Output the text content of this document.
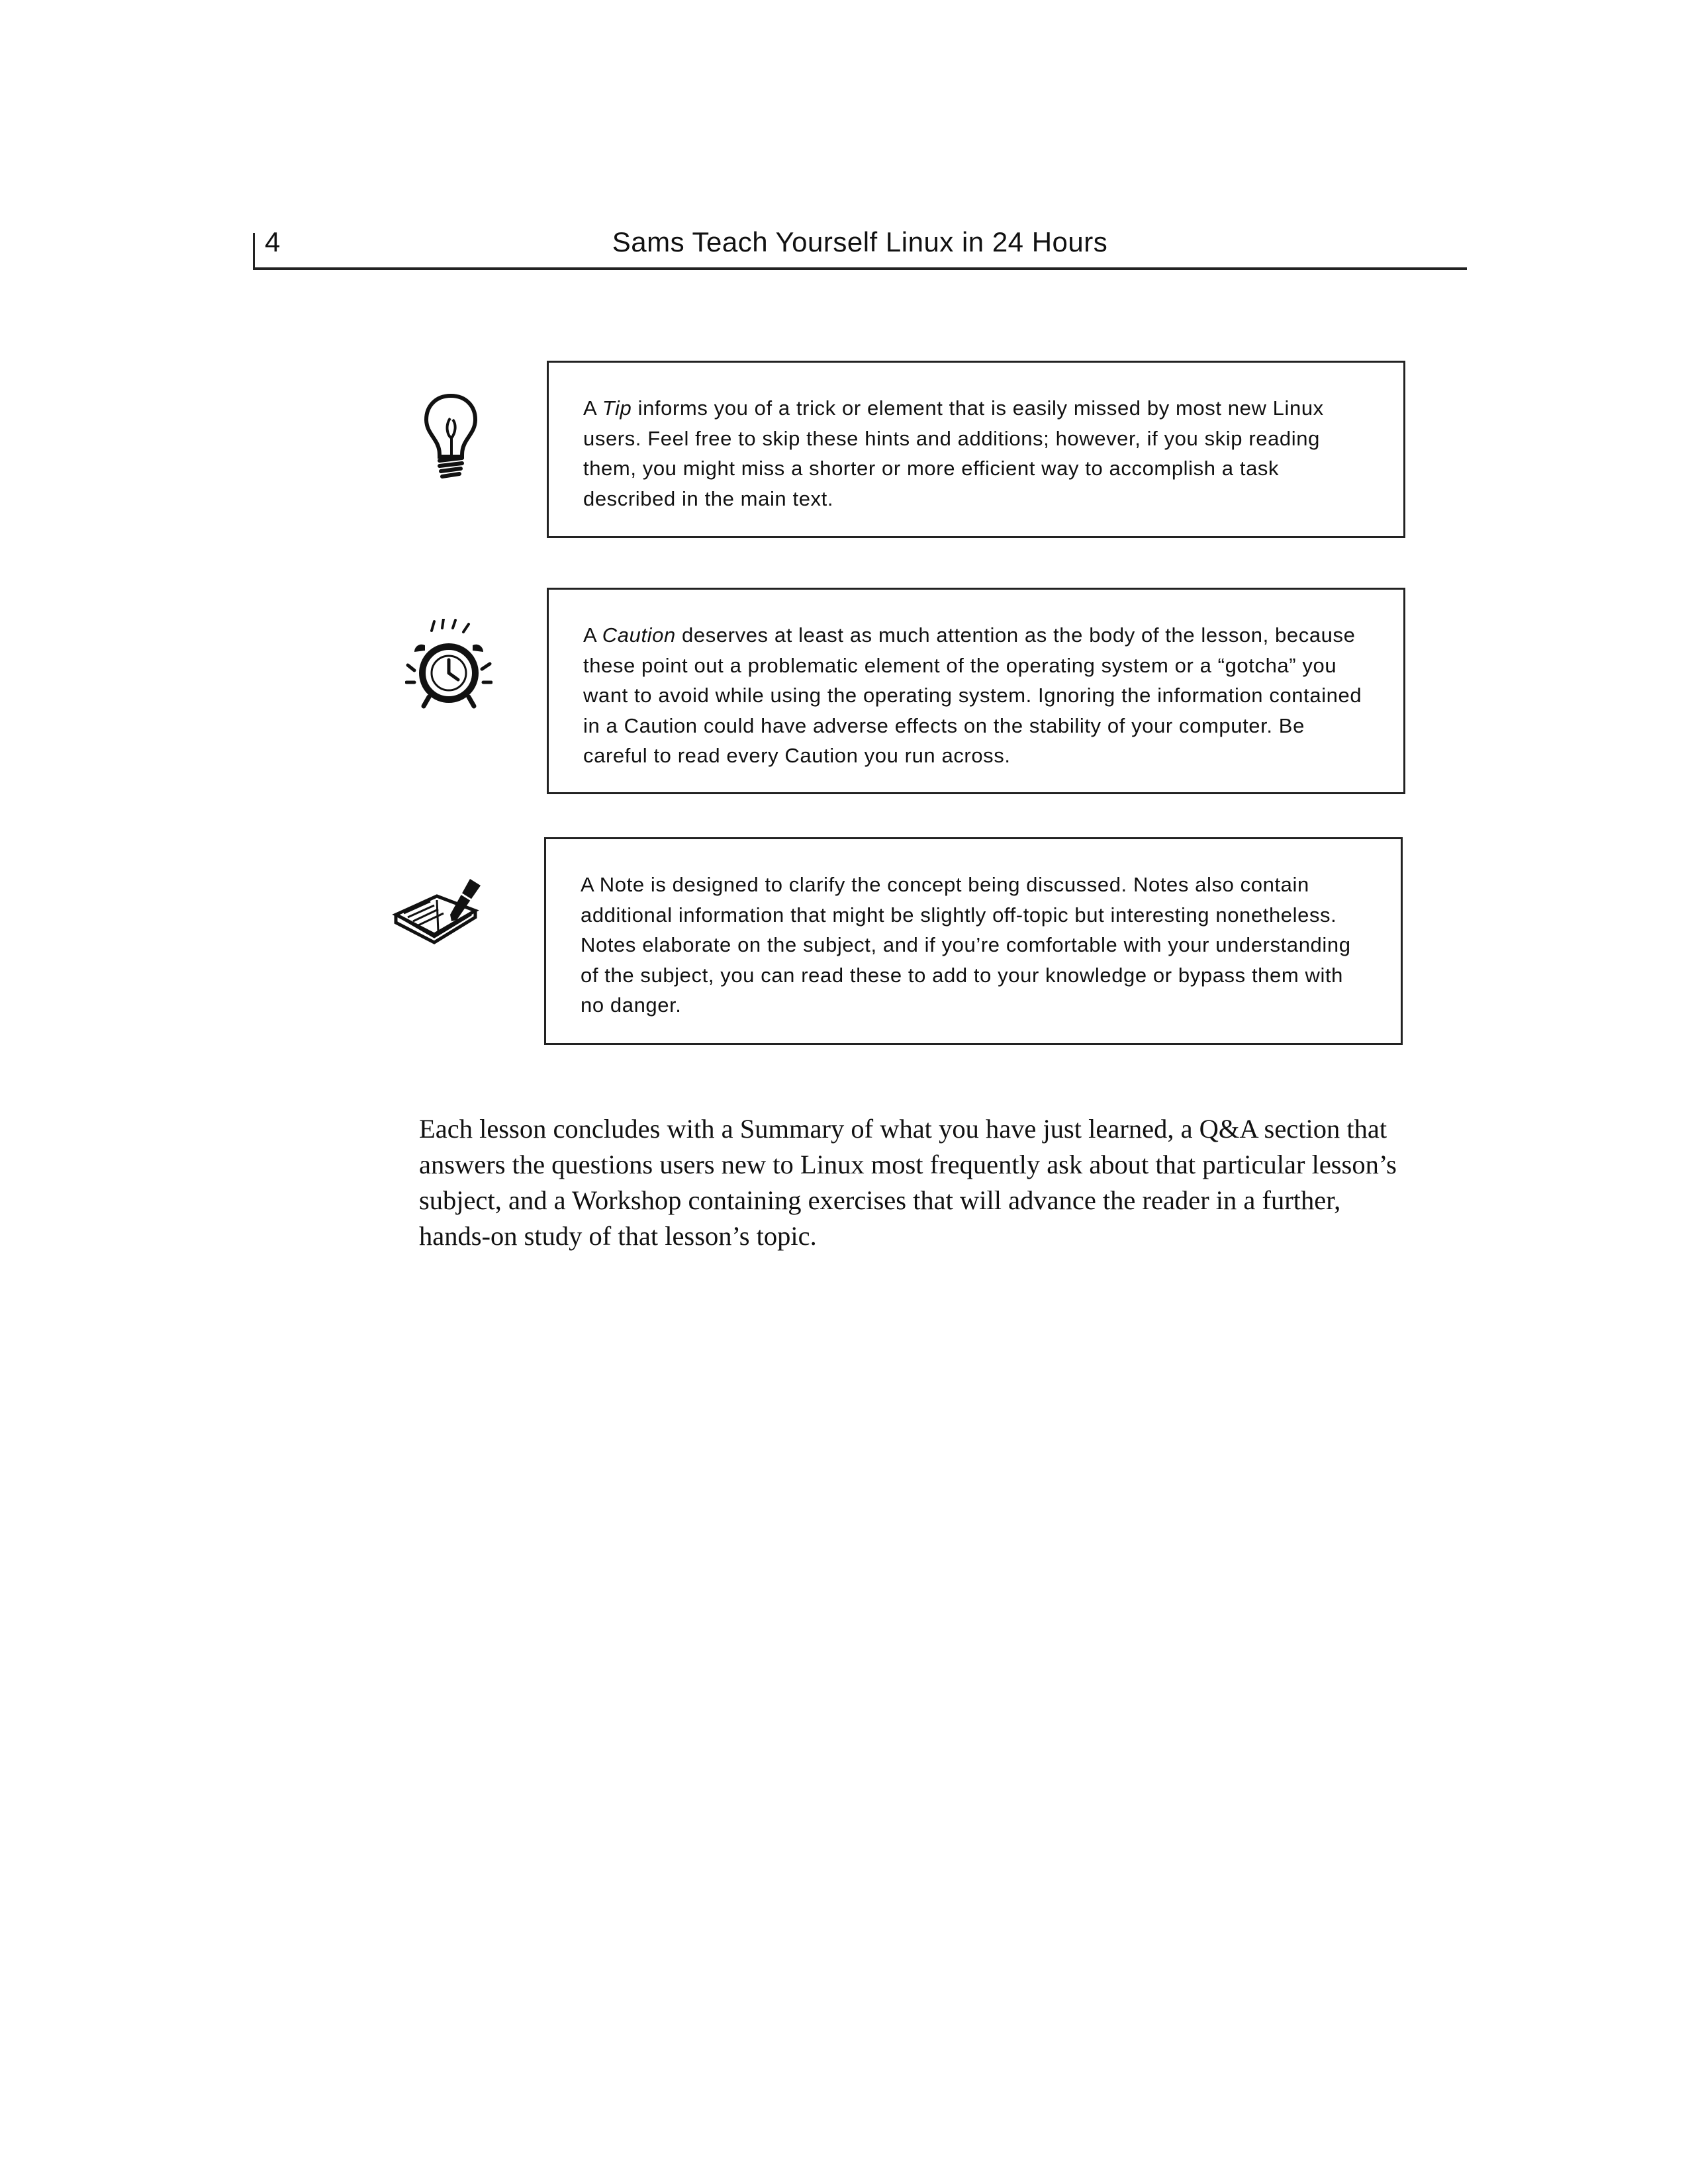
4	Sams Teach Yourself Linux in 24 Hours
A Tip informs you of a trick or element that is easily missed by most new Linux users. Feel free to skip these hints and additions; however, if you skip reading them, you might miss a shorter or more efficient way to accomplish a task described in the main text.
A Caution deserves at least as much attention as the body of the lesson, because these point out a problematic element of the operating system or a “gotcha” you want to avoid while using the operating system. Ignoring the information contained in a Caution could have adverse effects on the stability of your computer. Be careful to read every Caution you run across.
A Note is designed to clarify the concept being discussed. Notes also contain additional information that might be slightly off-topic but interesting nonetheless. Notes elaborate on the subject, and if you’re comfortable with your understanding of the subject, you can read these to add to your knowledge or bypass them with no danger.

Each lesson concludes with a Summary of what you have just learned, a Q&A section that answers the questions users new to Linux most frequently ask about that particular lesson’s subject, and a Workshop containing exercises that will advance the reader in a further, hands-on study of that lesson’s topic.
